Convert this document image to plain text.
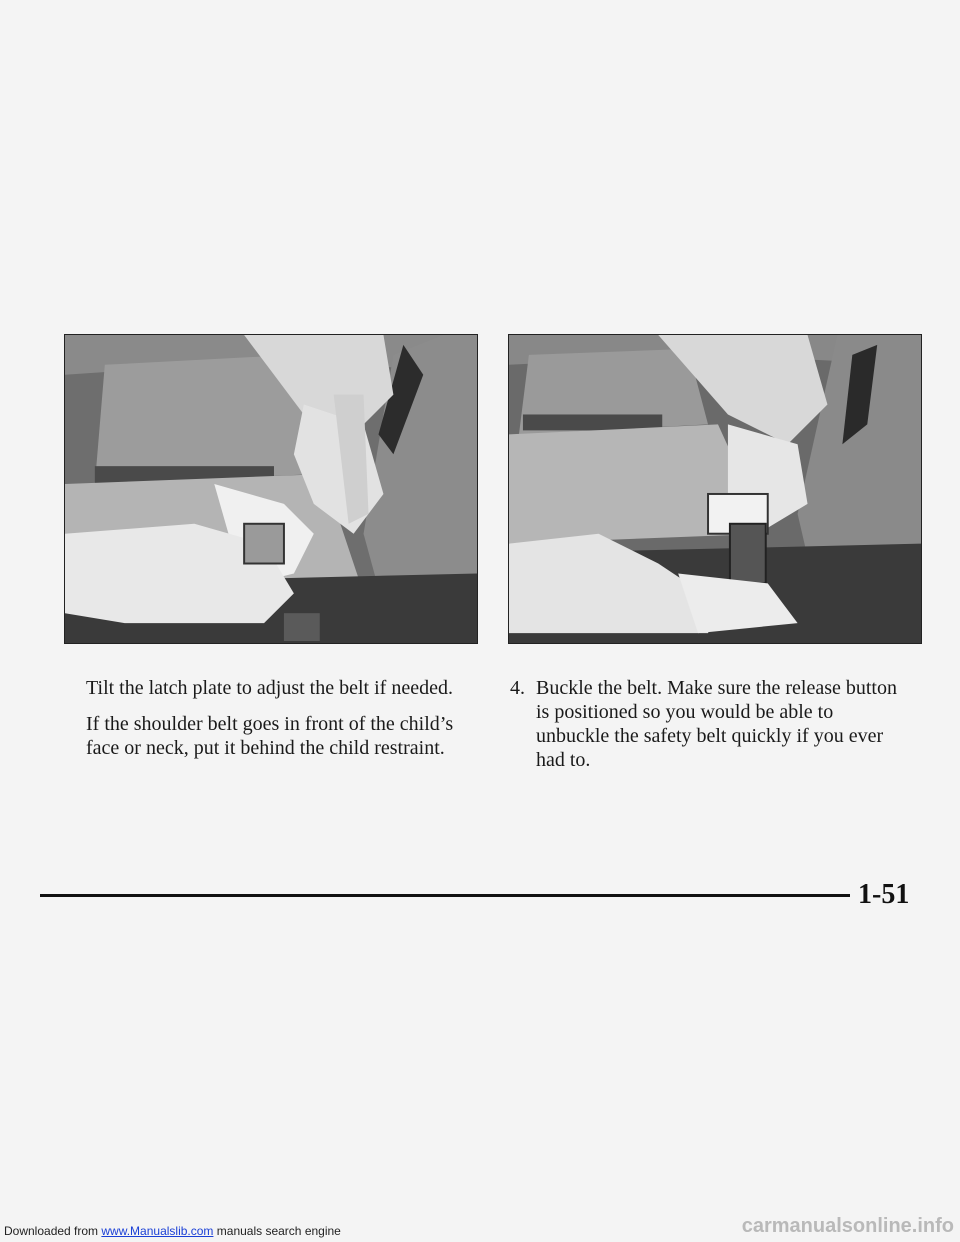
Tilt the latch plate to adjust the belt if needed.

If the shoulder belt goes in front of the child’s face or neck, put it behind the child restraint.

4. Buckle the belt. Make sure the release button is positioned so you would be able to unbuckle the safety belt quickly if you ever had to.
1-51
Downloaded from www.Manualslib.com manuals search engine	carmanualsonline.info
